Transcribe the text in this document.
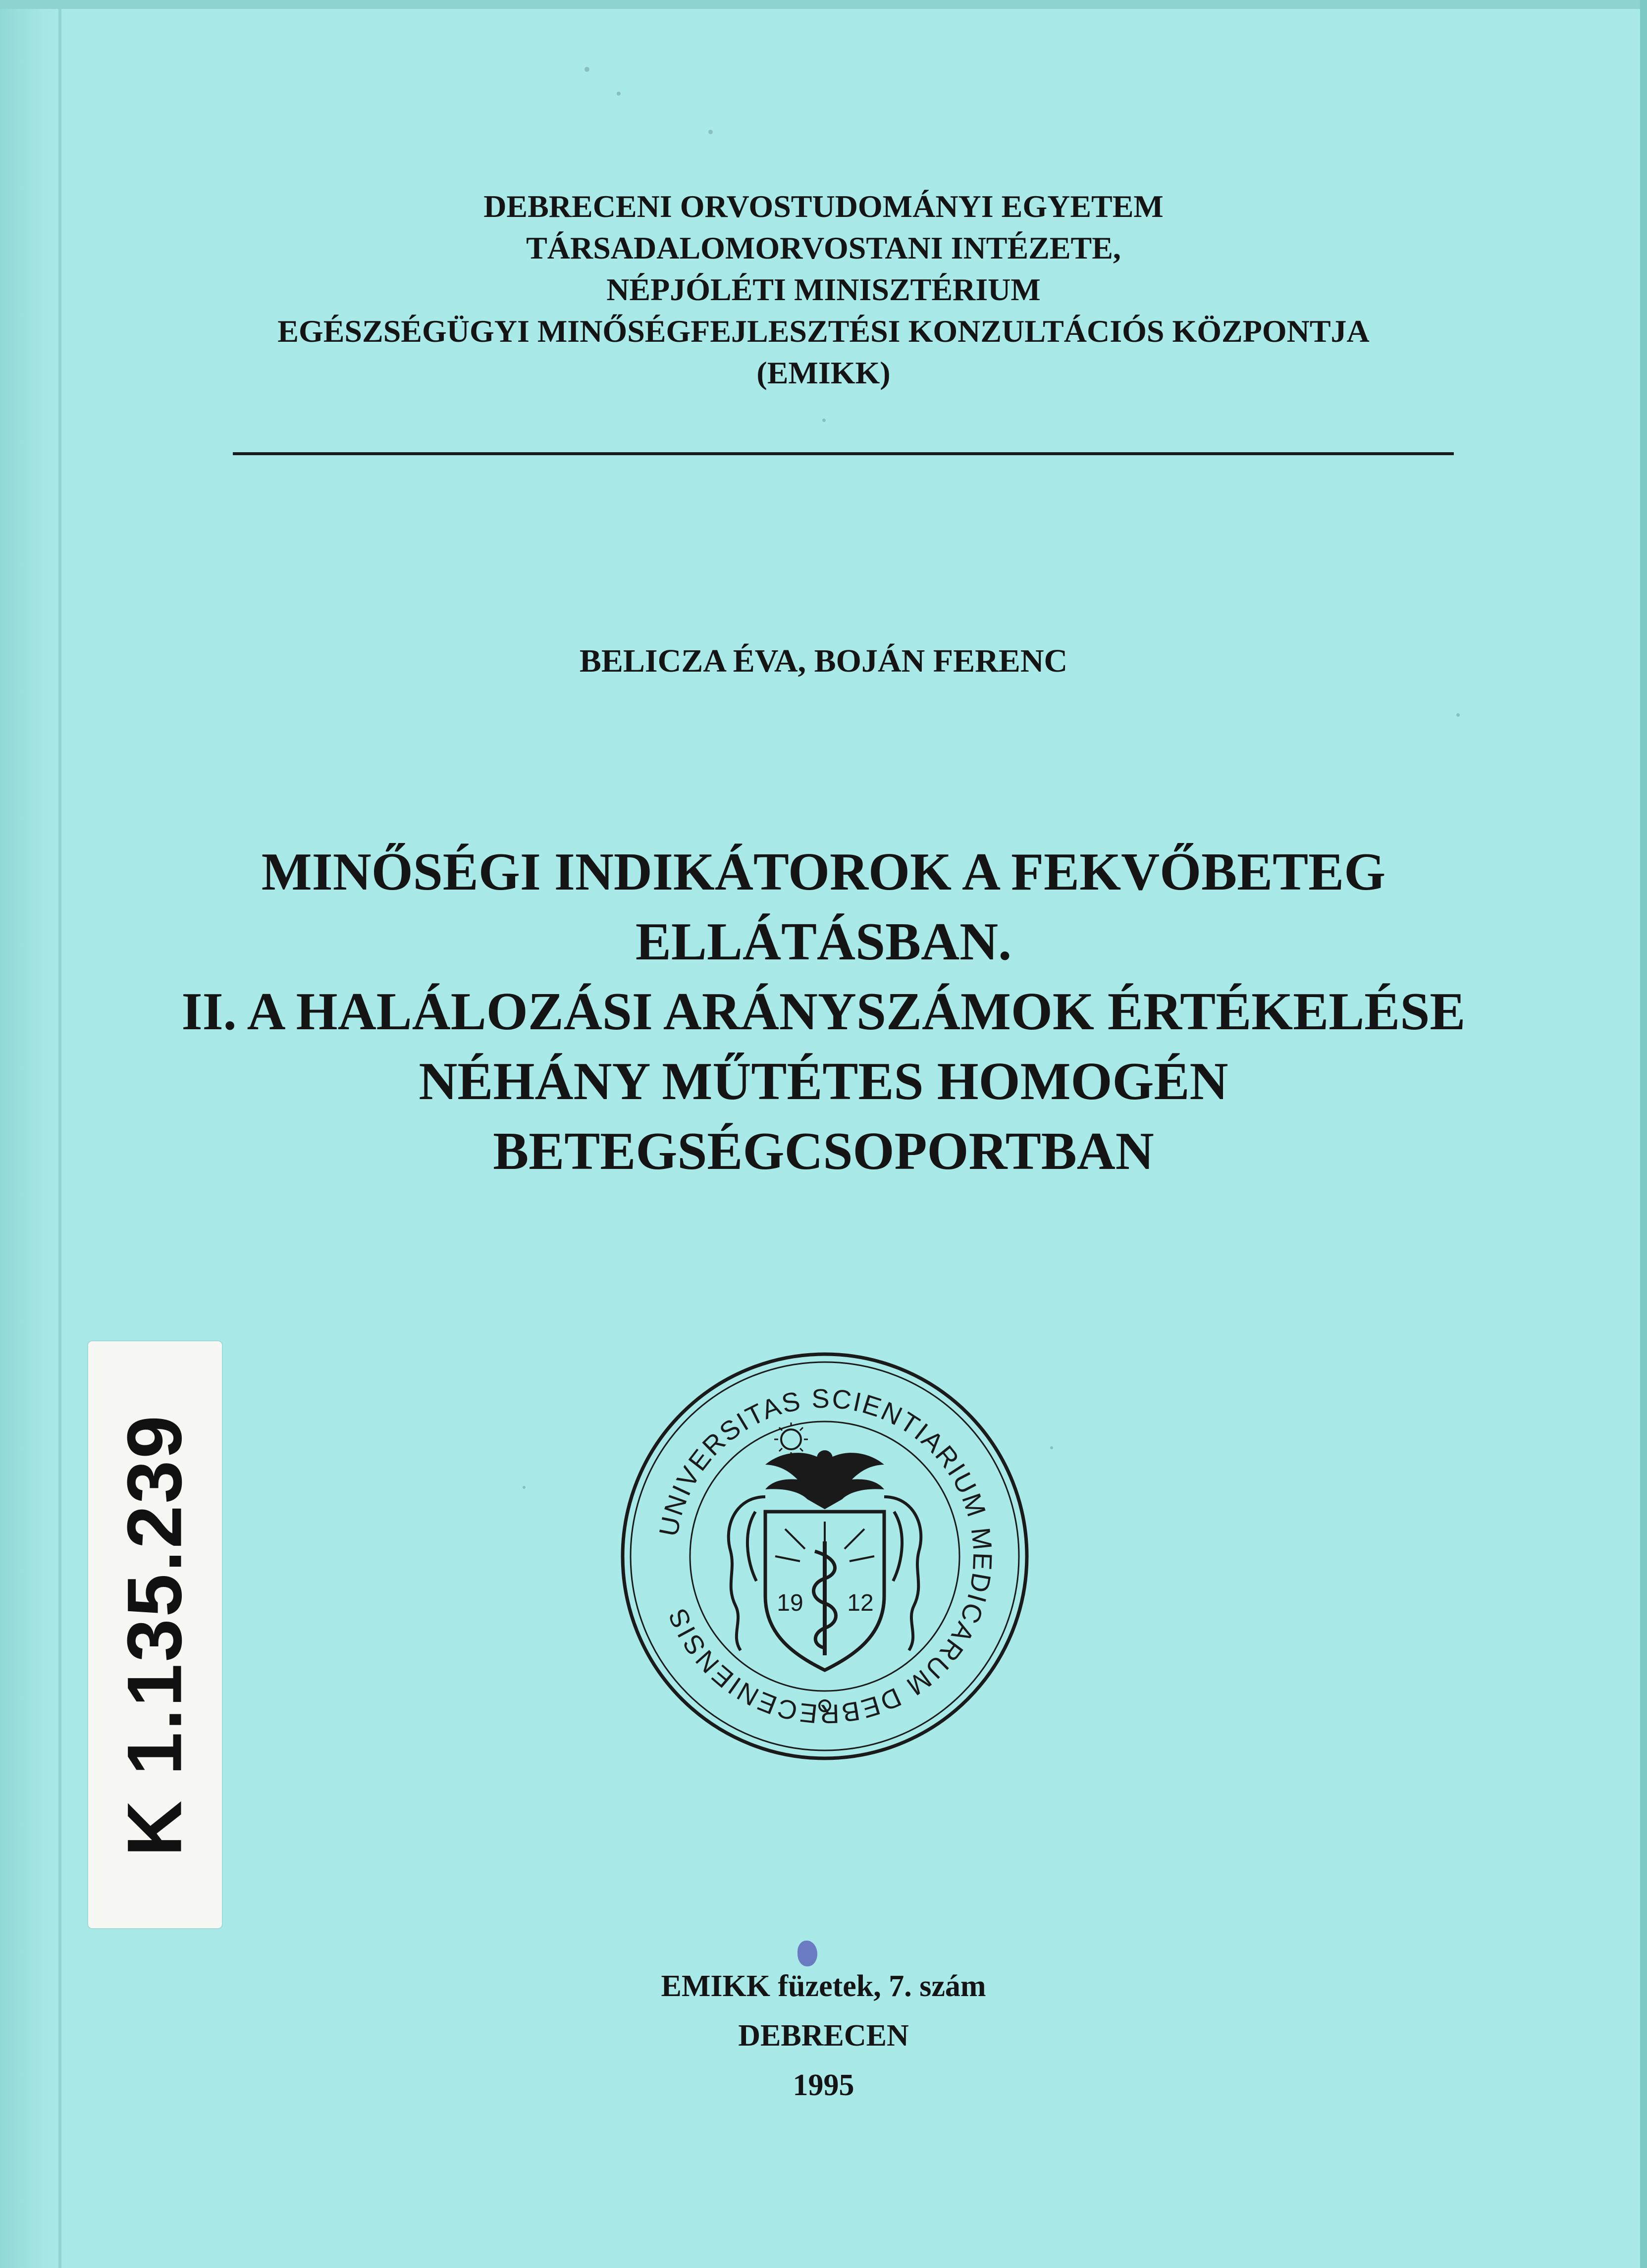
DEBRECENI ORVOSTUDOMÁNYI EGYETEM
TÁRSADALOMORVOSTANI INTÉZETE,
NÉPJÓLÉTI MINISZTÉRIUM
EGÉSZSÉGÜGYI MINŐSÉGFEJLESZTÉSI KONZULTÁCIÓS KÖZPONTJA
(EMIKK)
BELICZA ÉVA, BOJÁN FERENC
MINŐSÉGI INDIKÁTOROK A FEKVŐBETEG
ELLÁTÁSBAN.
II. A HALÁLOZÁSI ARÁNYSZÁMOK ÉRTÉKELÉSE
NÉHÁNY MŰTÉTES HOMOGÉN
BETEGSÉGCSOPORTBAN
K 1.135.239	UNIVERSITAS SCIENTIARIUM MEDICARUM DEBRECENIENSIS
19 12
EMIKK füzetek, 7. szám
DEBRECEN
1995
